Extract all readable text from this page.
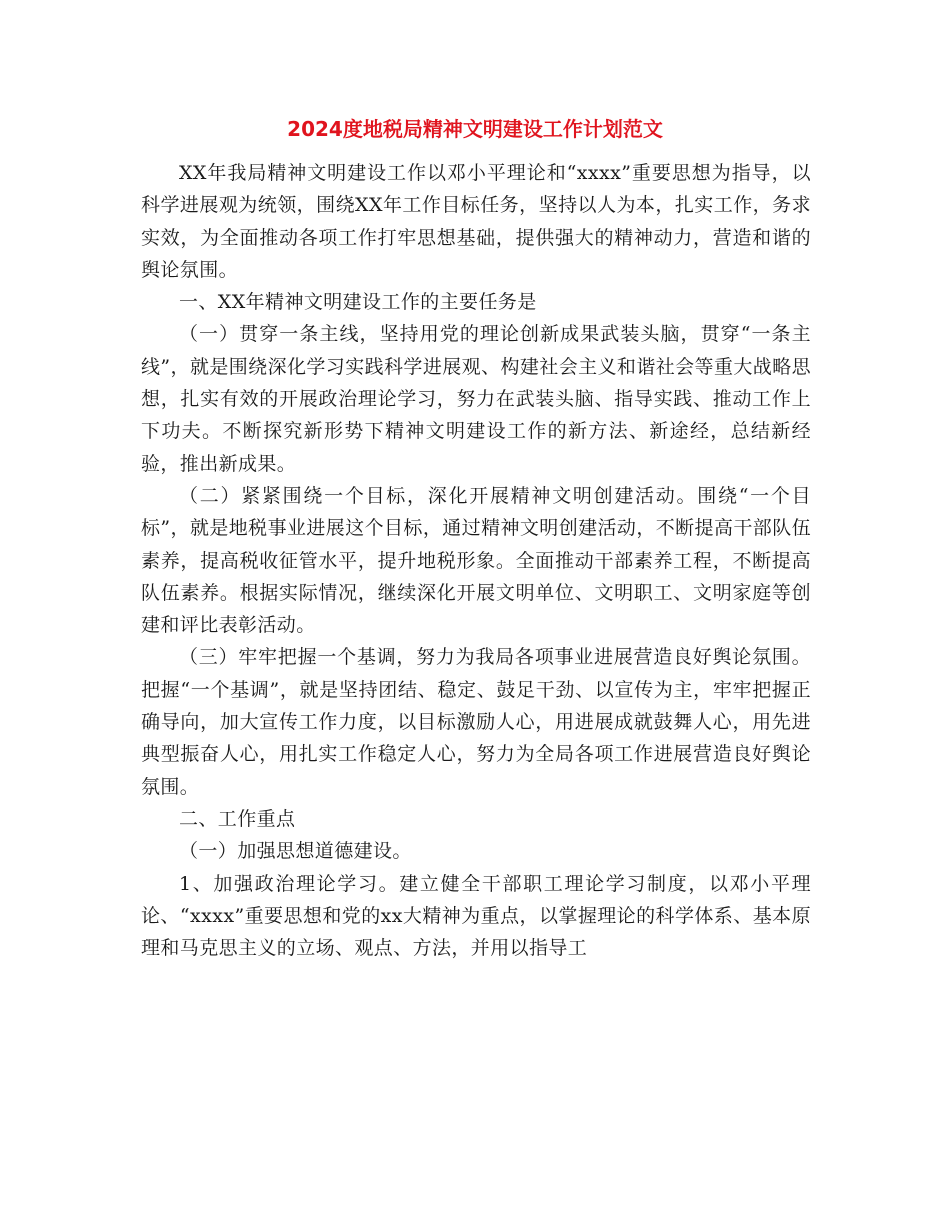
2024度地税局精神文明建设工作计划范文

XX年我局精神文明建设工作以邓小平理论和“xxxx”重要思想为指导，以科学进展观为统领，围绕XX年工作目标任务，坚持以人为本，扎实工作，务求实效，为全面推动各项工作打牢思想基础，提供强大的精神动力，营造和谐的舆论氛围。

一、XX年精神文明建设工作的主要任务是

（一）贯穿一条主线，坚持用党的理论创新成果武装头脑，贯穿“一条主线”，就是围绕深化学习实践科学进展观、构建社会主义和谐社会等重大战略思想，扎实有效的开展政治理论学习，努力在武装头脑、指导实践、推动工作上下功夫。不断探究新形势下精神文明建设工作的新方法、新途经，总结新经验，推出新成果。

（二）紧紧围绕一个目标，深化开展精神文明创建活动。围绕“一个目标”，就是地税事业进展这个目标，通过精神文明创建活动，不断提高干部队伍素养，提高税收征管水平，提升地税形象。全面推动干部素养工程，不断提高队伍素养。根据实际情况，继续深化开展文明单位、文明职工、文明家庭等创建和评比表彰活动。

（三）牢牢把握一个基调，努力为我局各项事业进展营造良好舆论氛围。把握“一个基调”，就是坚持团结、稳定、鼓足干劲、以宣传为主，牢牢把握正确导向，加大宣传工作力度，以目标激励人心，用进展成就鼓舞人心，用先进典型振奋人心，用扎实工作稳定人心，努力为全局各项工作进展营造良好舆论氛围。

二、工作重点

（一）加强思想道德建设。

1、加强政治理论学习。建立健全干部职工理论学习制度，以邓小平理论、“xxxx”重要思想和党的xx大精神为重点，以掌握理论的科学体系、基本原理和马克思主义的立场、观点、方法，并用以指导工
